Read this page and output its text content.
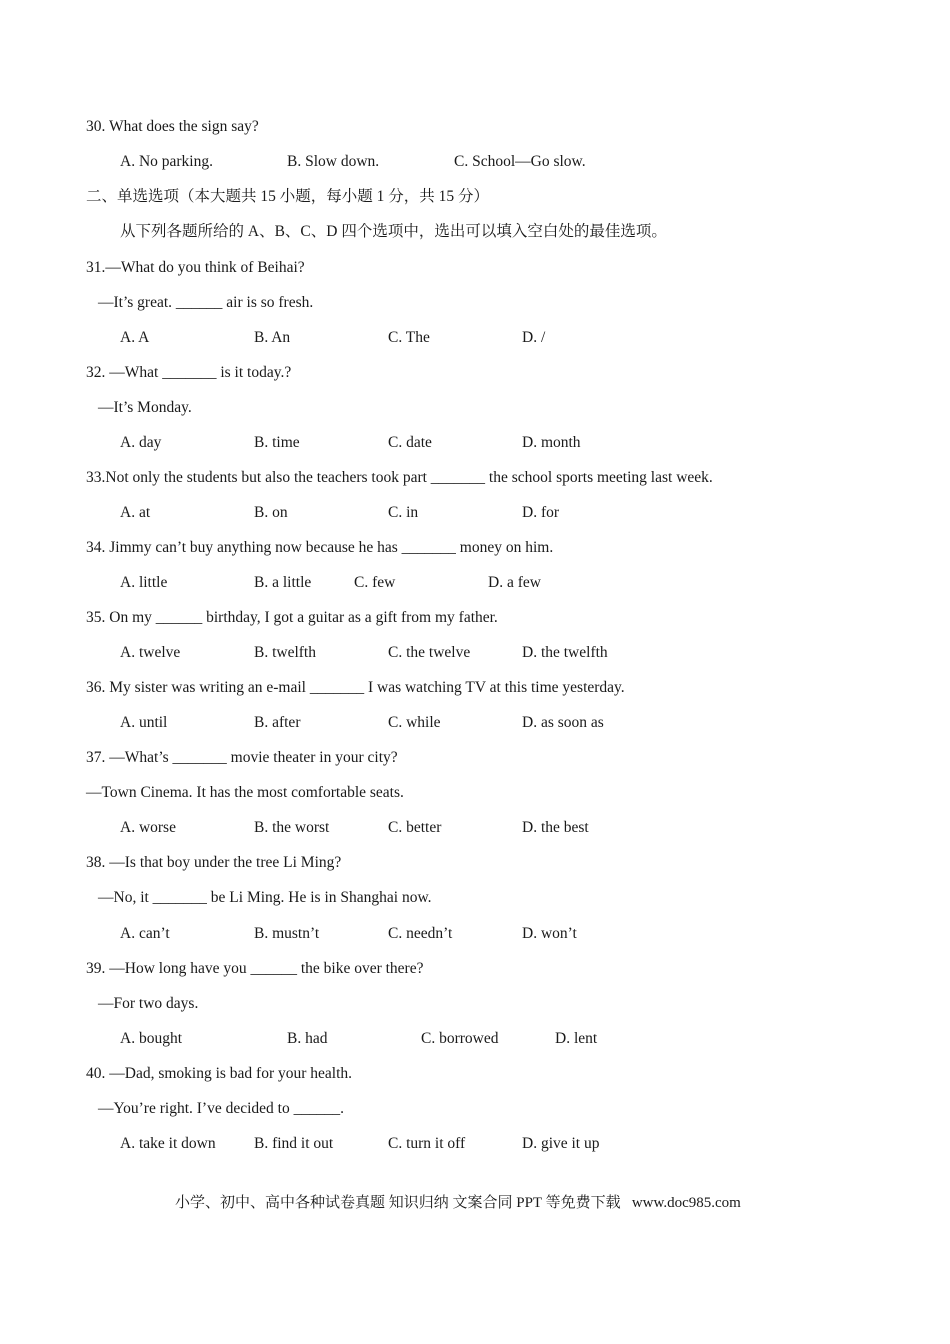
30. What does the sign say?
A. No parking.	B. Slow down.	C. School—Go slow.
二、单选选项（本大题共 15 小题，每小题 1 分，共 15 分）
从下列各题所给的 A、B、C、D 四个选项中，选出可以填入空白处的最佳选项。
31.—What do you think of Beihai?
—It’s great. ______ air is so fresh.
A. A	B. An	C. The	D. /
32. —What _______ is it today.?
—It’s Monday.
A. day	B. time	C. date	D. month
33.Not only the students but also the teachers took part _______ the school sports meeting last week.
A. at	B. on	C. in	D. for
34. Jimmy can’t buy anything now because he has _______ money on him.
A. little	B. a little	C. few	D. a few
35. On my ______ birthday, I got a guitar as a gift from my father.
A. twelve	B. twelfth	C. the twelve	D. the twelfth
36. My sister was writing an e-mail _______ I was watching TV at this time yesterday.
A. until	B. after	C. while	D. as soon as
37. —What’s _______ movie theater in your city?
—Town Cinema. It has the most comfortable seats.
A. worse	B. the worst	C. better	D. the best
38. —Is that boy under the tree Li Ming?
—No, it _______ be Li Ming. He is in Shanghai now.
A. can’t	B. mustn’t	C. needn’t	D. won’t
39. —How long have you ______ the bike over there?
—For two days.
A. bought	B. had	C. borrowed	D. lent
40. —Dad, smoking is bad for your health.
—You’re right. I’ve decided to ______.
A. take it down B. find it out	C. turn it off	D. give it up
小学、初中、高中各种试卷真题 知识归纳 文案合同 PPT 等免费下载   www.doc985.com
